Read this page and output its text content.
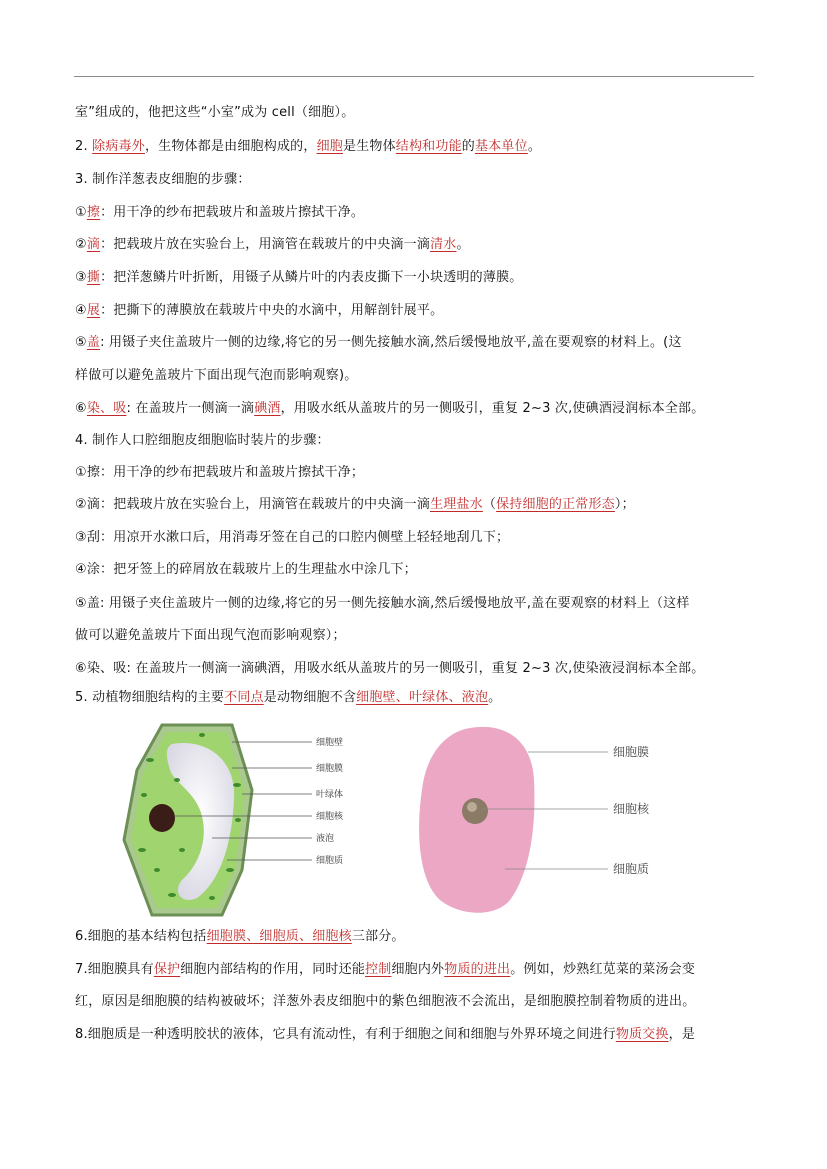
室”组成的，他把这些“小室”成为 cell（细胞）。
2. 除病毒外，生物体都是由细胞构成的，细胞是生物体结构和功能的基本单位。
3. 制作洋葱表皮细胞的步骤：
①擦：用干净的纱布把载玻片和盖玻片擦拭干净。
②滴：把载玻片放在实验台上，用滴管在载玻片的中央滴一滴清水。
③撕：把洋葱鳞片叶折断，用镊子从鳞片叶的内表皮撕下一小块透明的薄膜。
④展：把撕下的薄膜放在载玻片中央的水滴中，用解剖针展平。
⑤盖: 用镊子夹住盖玻片一侧的边缘,将它的另一侧先接触水滴,然后缓慢地放平,盖在要观察的材料上。(这
样做可以避免盖玻片下面出现气泡而影响观察)。
⑥染、吸: 在盖玻片一侧滴一滴碘酒，用吸水纸从盖玻片的另一侧吸引，重复 2~3 次,使碘酒浸润标本全部。
4. 制作人口腔细胞皮细胞临时装片的步骤：
①擦：用干净的纱布把载玻片和盖玻片擦拭干净；
②滴：把载玻片放在实验台上，用滴管在载玻片的中央滴一滴生理盐水（保持细胞的正常形态）；
③刮：用凉开水漱口后，用消毒牙签在自己的口腔内侧壁上轻轻地刮几下；
④涂：把牙签上的碎屑放在载玻片上的生理盐水中涂几下；
⑤盖: 用镊子夹住盖玻片一侧的边缘,将它的另一侧先接触水滴,然后缓慢地放平,盖在要观察的材料上（这样
做可以避免盖玻片下面出现气泡而影响观察）；
⑥染、吸: 在盖玻片一侧滴一滴碘酒，用吸水纸从盖玻片的另一侧吸引，重复 2~3 次,使染液浸润标本全部。
5. 动植物细胞结构的主要不同点是动物细胞不含细胞壁、叶绿体、液泡。
6.细胞的基本结构包括细胞膜、细胞质、细胞核三部分。
7.细胞膜具有保护细胞内部结构的作用，同时还能控制细胞内外物质的进出。例如，炒熟红苋菜的菜汤会变
红，原因是细胞膜的结构被破坏；洋葱外表皮细胞中的紫色细胞液不会流出，是细胞膜控制着物质的进出。
8.细胞质是一种透明胶状的液体，它具有流动性，有利于细胞之间和细胞与外界环境之间进行物质交换，是
细胞壁
细胞膜
叶绿体
细胞核
液泡
细胞质
细胞膜
细胞核
细胞质
